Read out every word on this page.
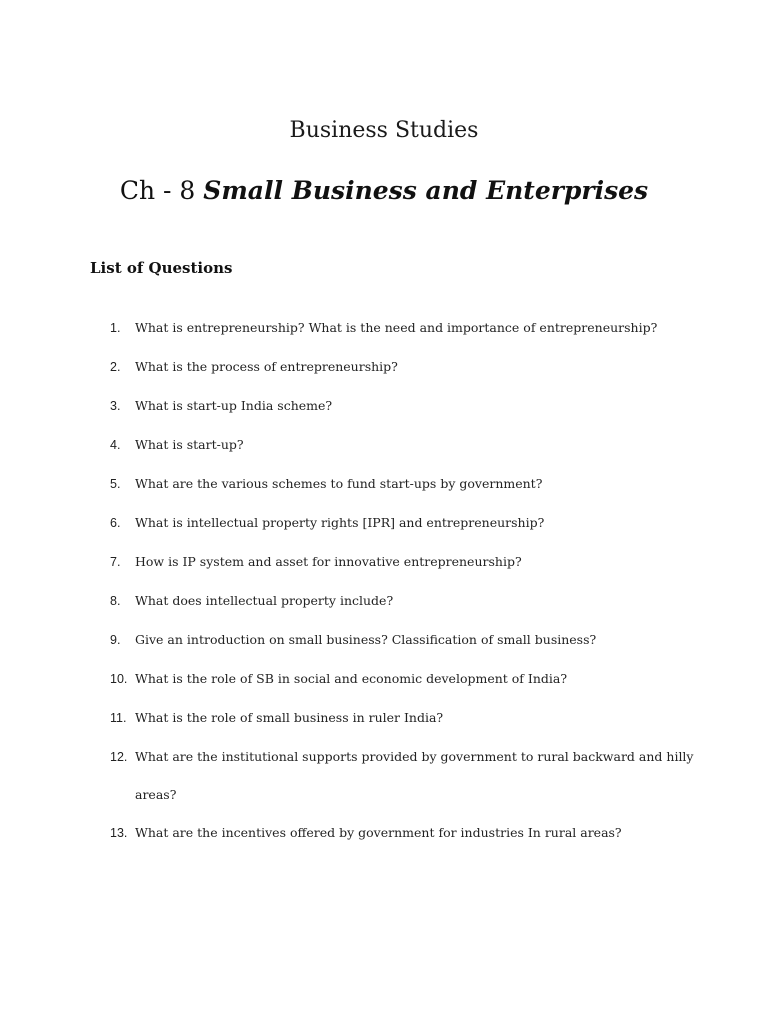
Business Studies
Ch - 8 Small Business and Enterprises
List of Questions
1.	What is entrepreneurship? What is the need and importance of entrepreneurship?
2.	What is the process of entrepreneurship?
3.	What is start-up India scheme?
4.	What is start-up?
5.	What are the various schemes to fund start-ups by government?
6.	What is intellectual property rights [IPR] and entrepreneurship?
7.	How is IP system and asset for innovative entrepreneurship?
8.	What does intellectual property include?
9.	Give an introduction on small business? Classification of small business?
10. What is the role of SB in social and economic development of India?
11. What is the role of small business in ruler India?
12. What are the institutional supports provided by government to rural backward and hilly areas?
13. What are the incentives offered by government for industries In rural areas?
